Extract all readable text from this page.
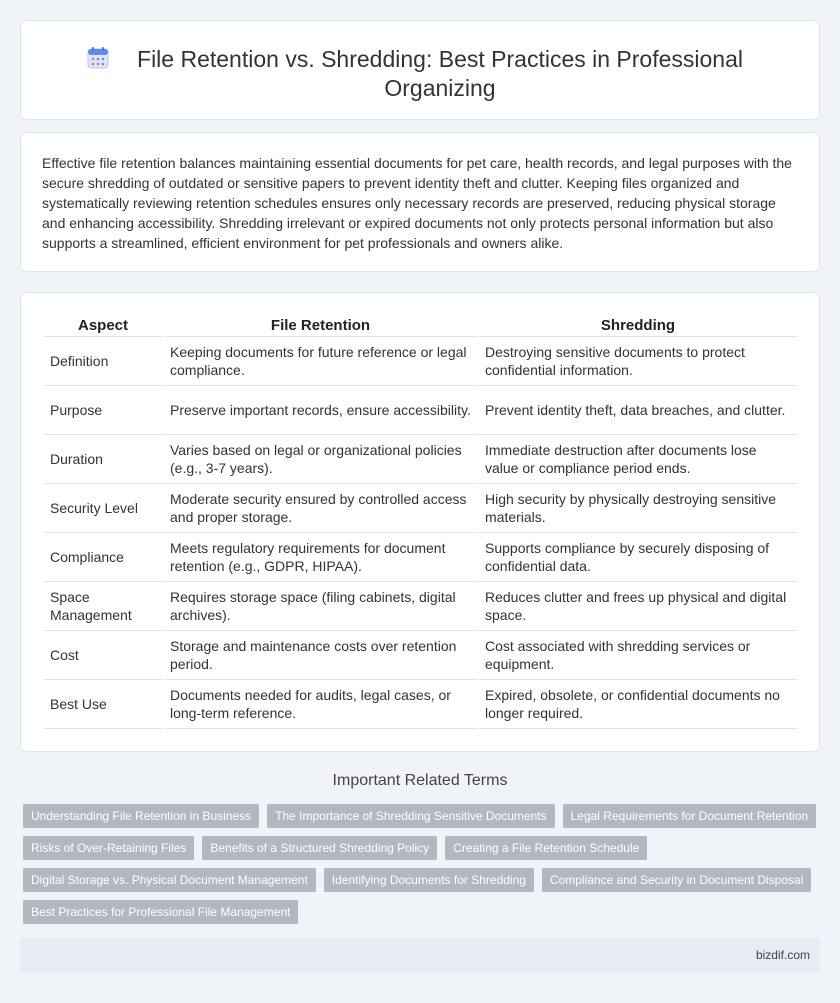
File Retention vs. Shredding: Best Practices in Professional Organizing

Effective file retention balances maintaining essential documents for pet care, health records, and legal purposes with the secure shredding of outdated or sensitive papers to prevent identity theft and clutter. Keeping files organized and systematically reviewing retention schedules ensures only necessary records are preserved, reducing physical storage and enhancing accessibility. Shredding irrelevant or expired documents not only protects personal information but also supports a streamlined, efficient environment for pet professionals and owners alike.

Aspect	File Retention	Shredding
Definition	Keeping documents for future reference or legal compliance.	Destroying sensitive documents to protect confidential information.
Purpose	Preserve important records, ensure accessibility.	Prevent identity theft, data breaches, and clutter.
Duration	Varies based on legal or organizational policies (e.g., 3-7 years).	Immediate destruction after documents lose value or compliance period ends.
Security Level	Moderate security ensured by controlled access and proper storage.	High security by physically destroying sensitive materials.
Compliance	Meets regulatory requirements for document retention (e.g., GDPR, HIPAA).	Supports compliance by securely disposing of confidential data.
Space Management	Requires storage space (filing cabinets, digital archives).	Reduces clutter and frees up physical and digital space.
Cost	Storage and maintenance costs over retention period.	Cost associated with shredding services or equipment.
Best Use	Documents needed for audits, legal cases, or long-term reference.	Expired, obsolete, or confidential documents no longer required.
Important Related Terms
Understanding File Retention in Business	The Importance of Shredding Sensitive Documents	Legal Requirements for Document Retention
Risks of Over-Retaining Files	Benefits of a Structured Shredding Policy	Creating a File Retention Schedule
Digital Storage vs. Physical Document Management	Identifying Documents for Shredding	Compliance and Security in Document Disposal
Best Practices for Professional File Management
bizdif.com
